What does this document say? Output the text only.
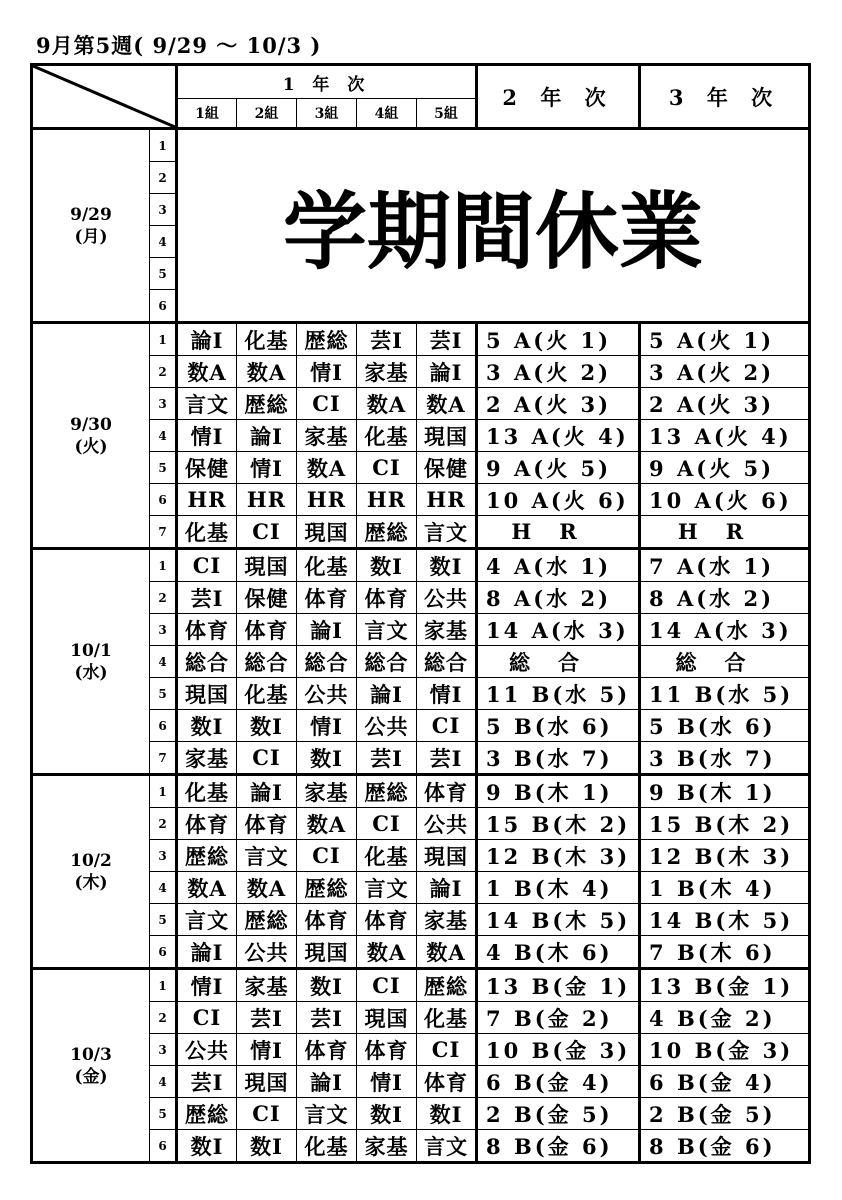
9月第5週( 9/29 〜 10/3 )
	1 年 次					2 年 次	3 年 次
		1組	2組	3組	4組	5組		

9/29
(月)	1	学期間休業						
	2							
	3							
	4							
	5							
	6							

9/30
(火)	1	論Ⅰ	化基	歴総	芸Ⅰ	芸Ⅰ	5 A(火 1)	5 A(火 1)
	2	数A	数A	情Ⅰ	家基	論Ⅰ	3 A(火 2)	3 A(火 2)
	3	言文	歴総	CⅠ	数A	数A	2 A(火 3)	2 A(火 3)
	4	情Ⅰ	論Ⅰ	家基	化基	現国	13 A(火 4)	13 A(火 4)
	5	保健	情Ⅰ	数A	CⅠ	保健	9 A(火 5)	9 A(火 5)
	6	HR	HR	HR	HR	HR	10 A(火 6)	10 A(火 6)
	7	化基	CⅠ	現国	歴総	言文	HR	HR

10/1
(水)	1	CⅠ	現国	化基	数Ⅰ	数Ⅰ	4 A(水 1)	7 A(水 1)
	2	芸Ⅰ	保健	体育	体育	公共	8 A(水 2)	8 A(水 2)
	3	体育	体育	論Ⅰ	言文	家基	14 A(水 3)	14 A(水 3)
	4	総合	総合	総合	総合	総合	総合	総合
	5	現国	化基	公共	論Ⅰ	情Ⅰ	11 B(水 5)	11 B(水 5)
	6	数Ⅰ	数Ⅰ	情Ⅰ	公共	CⅠ	5 B(水 6)	5 B(水 6)
	7	家基	CⅠ	数Ⅰ	芸Ⅰ	芸Ⅰ	3 B(水 7)	3 B(水 7)

10/2
(木)	1	化基	論Ⅰ	家基	歴総	体育	9 B(木 1)	9 B(木 1)
	2	体育	体育	数A	CⅠ	公共	15 B(木 2)	15 B(木 2)
	3	歴総	言文	CⅠ	化基	現国	12 B(木 3)	12 B(木 3)
	4	数A	数A	歴総	言文	論Ⅰ	1 B(木 4)	1 B(木 4)
	5	言文	歴総	体育	体育	家基	14 B(木 5)	14 B(木 5)
	6	論Ⅰ	公共	現国	数A	数A	4 B(木 6)	7 B(木 6)

10/3
(金)	1	情Ⅰ	家基	数Ⅰ	CⅠ	歴総	13 B(金 1)	13 B(金 1)
	2	CⅠ	芸Ⅰ	芸Ⅰ	現国	化基	7 B(金 2)	4 B(金 2)
	3	公共	情Ⅰ	体育	体育	CⅠ	10 B(金 3)	10 B(金 3)
	4	芸Ⅰ	現国	論Ⅰ	情Ⅰ	体育	6 B(金 4)	6 B(金 4)
	5	歴総	CⅠ	言文	数Ⅰ	数Ⅰ	2 B(金 5)	2 B(金 5)
	6	数Ⅰ	数Ⅰ	化基	家基	言文	8 B(金 6)	8 B(金 6)
